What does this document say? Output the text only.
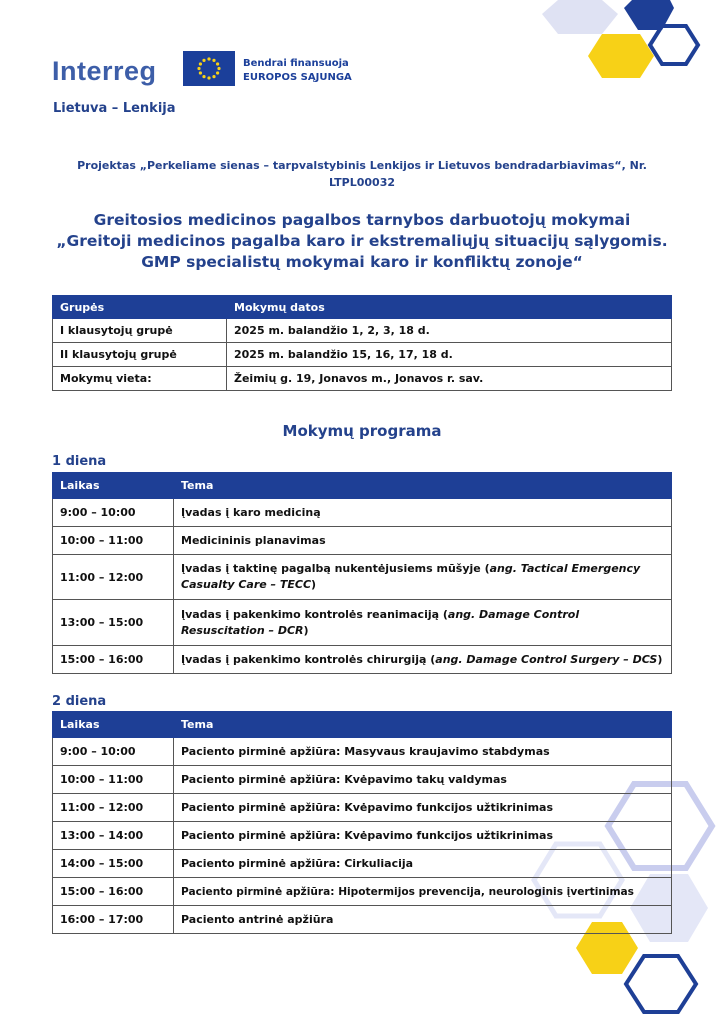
Interreg	Bendrai finansuoja
EUROPOS SĄJUNGA
Lietuva – Lenkija
Projektas „Perkeliame sienas – tarpvalstybinis Lenkijos ir Lietuvos bendradarbiavimas“, Nr.
LTPL00032
Greitosios medicinos pagalbos tarnybos darbuotojų mokymai
„Greitoji medicinos pagalba karo ir ekstremaliųjų situacijų sąlygomis.
GMP specialistų mokymai karo ir konfliktų zonoje“
Grupės	Mokymų datos
I klausytojų grupė	2025 m. balandžio 1, 2, 3, 18 d.
II klausytojų grupė	2025 m. balandžio 15, 16, 17, 18 d.
Mokymų vieta:	Žeimių g. 19, Jonavos m., Jonavos r. sav.
Mokymų programa
1 diena
Laikas	Tema
9:00 – 10:00	Įvadas į karo mediciną
10:00 – 11:00	Medicininis planavimas
11:00 – 12:00	Įvadas į taktinę pagalbą nukentėjusiems mūšyje (ang. Tactical Emergency Casualty Care – TECC)
13:00 – 15:00	Įvadas į pakenkimo kontrolės reanimaciją (ang. Damage Control Resuscitation – DCR)
15:00 – 16:00	Įvadas į pakenkimo kontrolės chirurgiją (ang. Damage Control Surgery – DCS)
2 diena
Laikas	Tema
9:00 – 10:00	Paciento pirminė apžiūra: Masyvaus kraujavimo stabdymas
10:00 – 11:00	Paciento pirminė apžiūra: Kvėpavimo takų valdymas
11:00 – 12:00	Paciento pirminė apžiūra: Kvėpavimo funkcijos užtikrinimas
13:00 – 14:00	Paciento pirminė apžiūra: Kvėpavimo funkcijos užtikrinimas
14:00 – 15:00	Paciento pirminė apžiūra: Cirkuliacija
15:00 – 16:00	Paciento pirminė apžiūra: Hipotermijos prevencija, neurologinis įvertinimas
16:00 – 17:00	Paciento antrinė apžiūra
